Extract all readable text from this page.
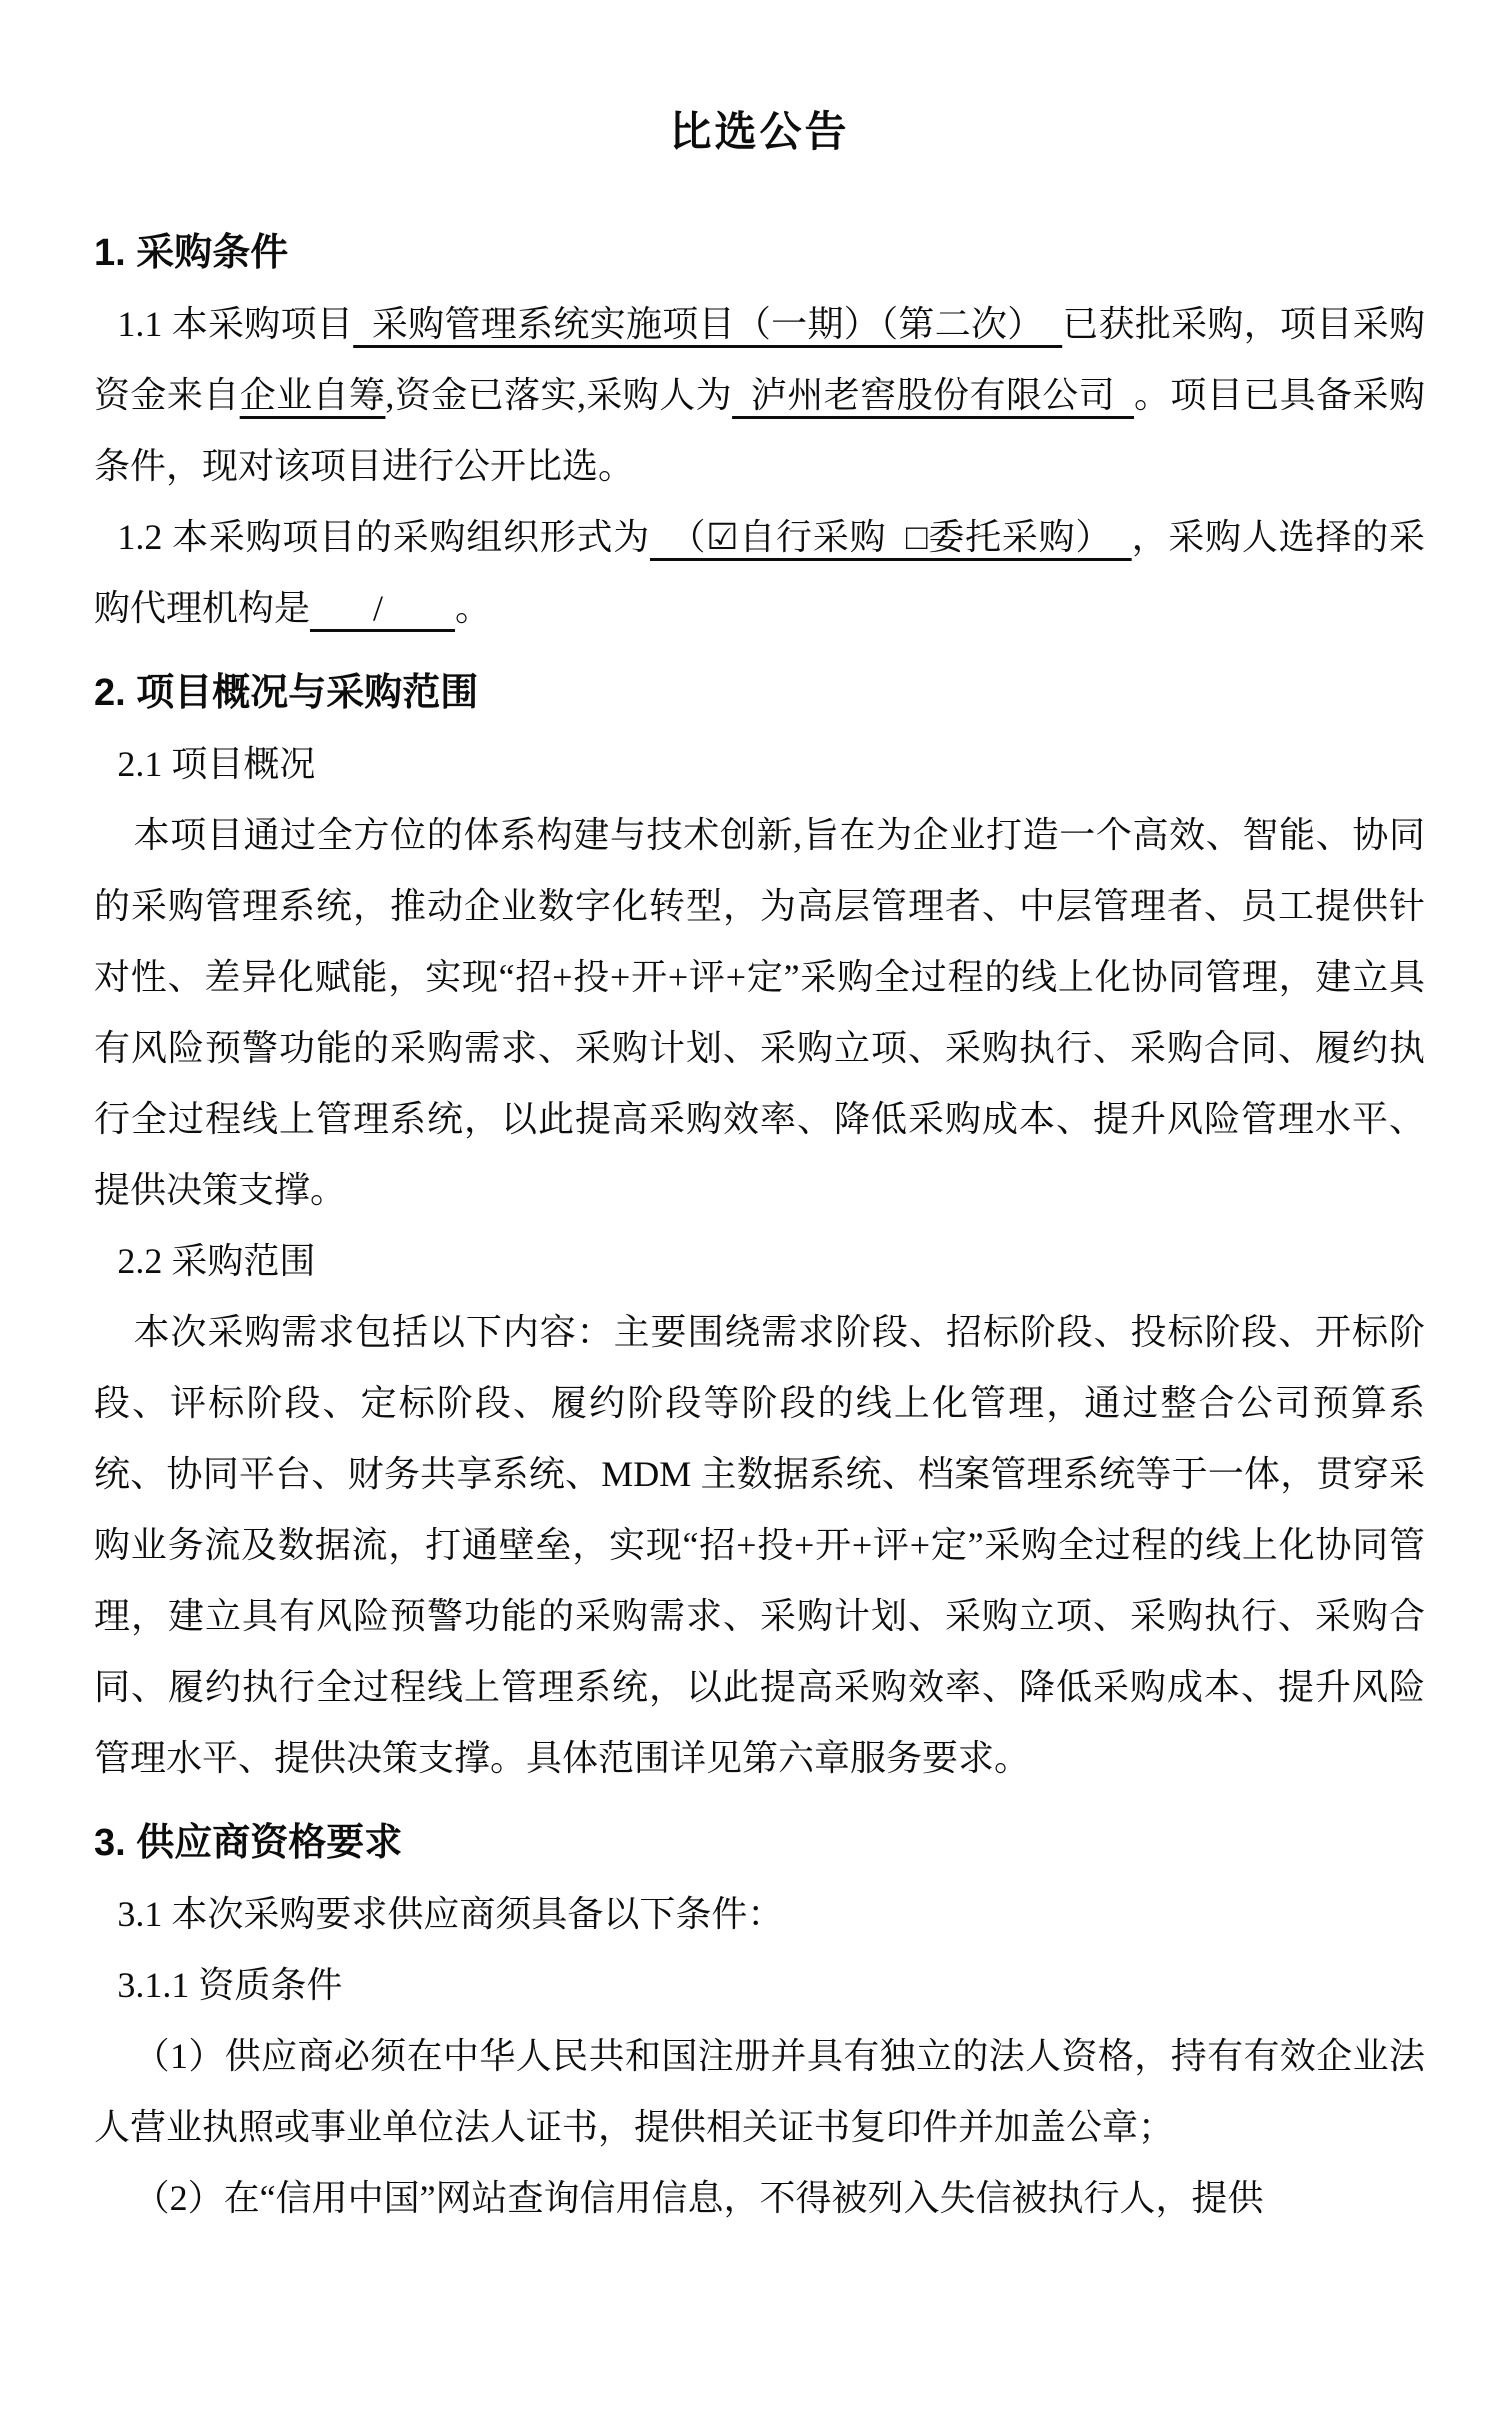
比选公告

1. 采购条件

1.1 本采购项目  采购管理系统实施项目（一期）（第二次）  已获批采购，项目采购资金来自企业自筹,资金已落实,采购人为  泸州老窖股份有限公司  。项目已具备采购条件，现对该项目进行公开比选。

1.2 本采购项目的采购组织形式为  （☑自行采购  □委托采购）  ，采购人选择的采购代理机构是       /        。

2. 项目概况与采购范围

2.1 项目概况

本项目通过全方位的体系构建与技术创新,旨在为企业打造一个高效、智能、协同的采购管理系统，推动企业数字化转型，为高层管理者、中层管理者、员工提供针对性、差异化赋能，实现“招+投+开+评+定”采购全过程的线上化协同管理，建立具有风险预警功能的采购需求、采购计划、采购立项、采购执行、采购合同、履约执行全过程线上管理系统，以此提高采购效率、降低采购成本、提升风险管理水平、提供决策支撑。

2.2 采购范围

本次采购需求包括以下内容：主要围绕需求阶段、招标阶段、投标阶段、开标阶段、评标阶段、定标阶段、履约阶段等阶段的线上化管理，通过整合公司预算系统、协同平台、财务共享系统、MDM 主数据系统、档案管理系统等于一体，贯穿采购业务流及数据流，打通壁垒，实现“招+投+开+评+定”采购全过程的线上化协同管理，建立具有风险预警功能的采购需求、采购计划、采购立项、采购执行、采购合同、履约执行全过程线上管理系统，以此提高采购效率、降低采购成本、提升风险管理水平、提供决策支撑。具体范围详见第六章服务要求。

3. 供应商资格要求

3.1 本次采购要求供应商须具备以下条件：

3.1.1 资质条件

（1）供应商必须在中华人民共和国注册并具有独立的法人资格，持有有效企业法人营业执照或事业单位法人证书，提供相关证书复印件并加盖公章；

（2）在“信用中国”网站查询信用信息，不得被列入失信被执行人，提供
